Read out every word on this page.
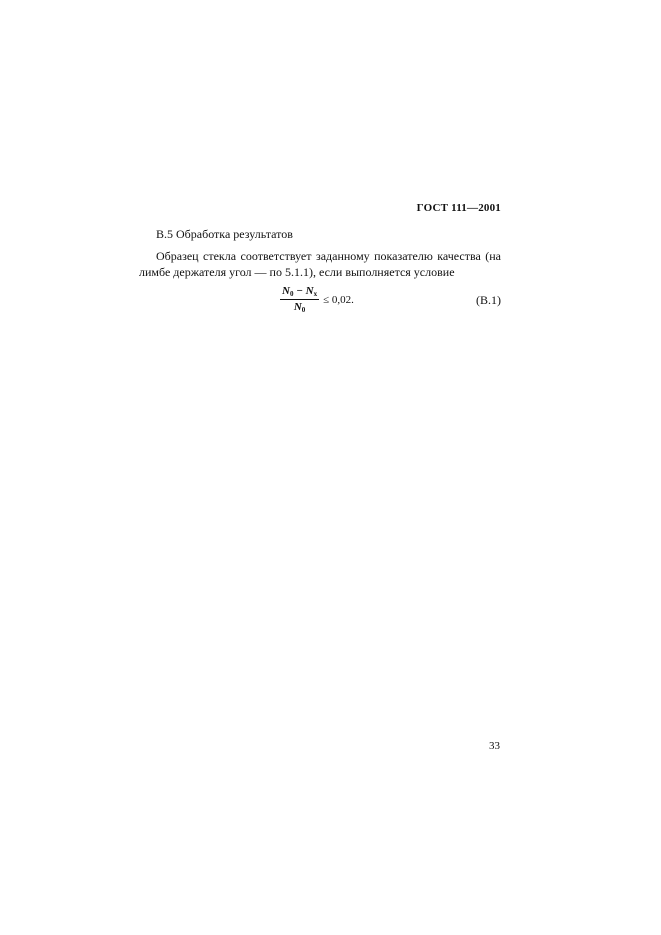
ГОСТ 111—2001
В.5 Обработка результатов
Образец стекла соответствует заданному показателю качества (на лимбе держателя угол — по 5.1.1), если выполняется условие
$\frac{N_0 - N_x}{N_0} \le 0,02$.	(В.1)
33
